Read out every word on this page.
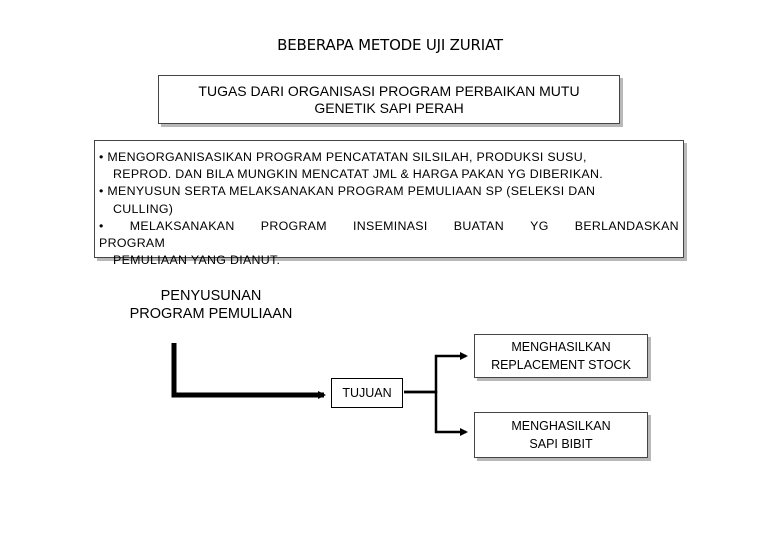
BEBERAPA METODE UJI ZURIAT
TUGAS DARI ORGANISASI PROGRAM PERBAIKAN MUTU
GENETIK SAPI PERAH
• MENGORGANISASIKAN PROGRAM PENCATATAN SILSILAH, PRODUKSI SUSU,
REPROD. DAN BILA MUNGKIN MENCATAT JML & HARGA PAKAN YG DIBERIKAN.
• MENYUSUN SERTA MELAKSANAKAN PROGRAM PEMULIAAN SP (SELEKSI DAN
CULLING)
• MELAKSANAKAN PROGRAM INSEMINASI BUATAN YG BERLANDASKAN
PROGRAM
PEMULIAAN YANG DIANUT.
PENYUSUNAN
PROGRAM PEMULIAAN
TUJUAN
MENGHASILKAN
REPLACEMENT STOCK
MENGHASILKAN
SAPI BIBIT
